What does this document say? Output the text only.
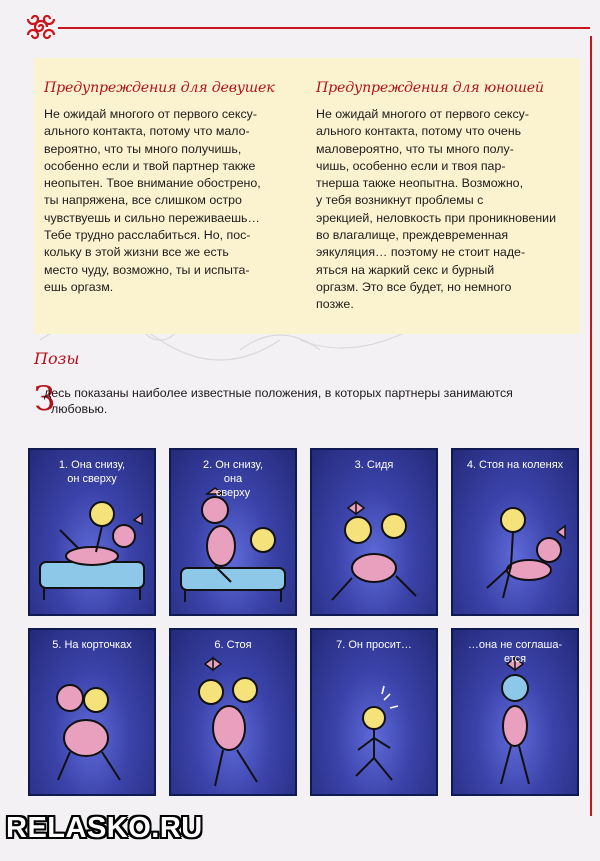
Предупреждения для девушек
Не ожидай многого от первого сексу-
ального контакта, потому что мало-
вероятно, что ты много получишь,
особенно если и твой партнер также
неопытен. Твое внимание обострено,
ты напряжена, все слишком остро
чувствуешь и сильно переживаешь…
Тебе трудно расслабиться. Но, пос-
кольку в этой жизни все же есть
место чуду, возможно, ты и испыта-
ешь оргазм.
Предупреждения для юношей
Не ожидай многого от первого сексу-
ального контакта, потому что очень
маловероятно, что ты много полу-
чишь, особенно если и твоя пар-
тнерша также неопытна. Возможно,
у тебя возникнут проблемы с
эрекцией, неловкость при проникновении
во влагалище, преждевременная
эякуляция… поэтому не стоит наде-
яться на жаркий секс и бурный
оргазм. Это все будет, но немного
позже.
Позы
З
десь показаны наиболее известные положения, в которых партнеры занимаются
любовью.
1. Она снизу,
он сверху
2. Он снизу,
она
сверху
3. Сидя	4. Стоя на коленях
5. На корточках	6. Стоя	7. Он просит…	…она не соглаша-
ется
RELASKO.RU
